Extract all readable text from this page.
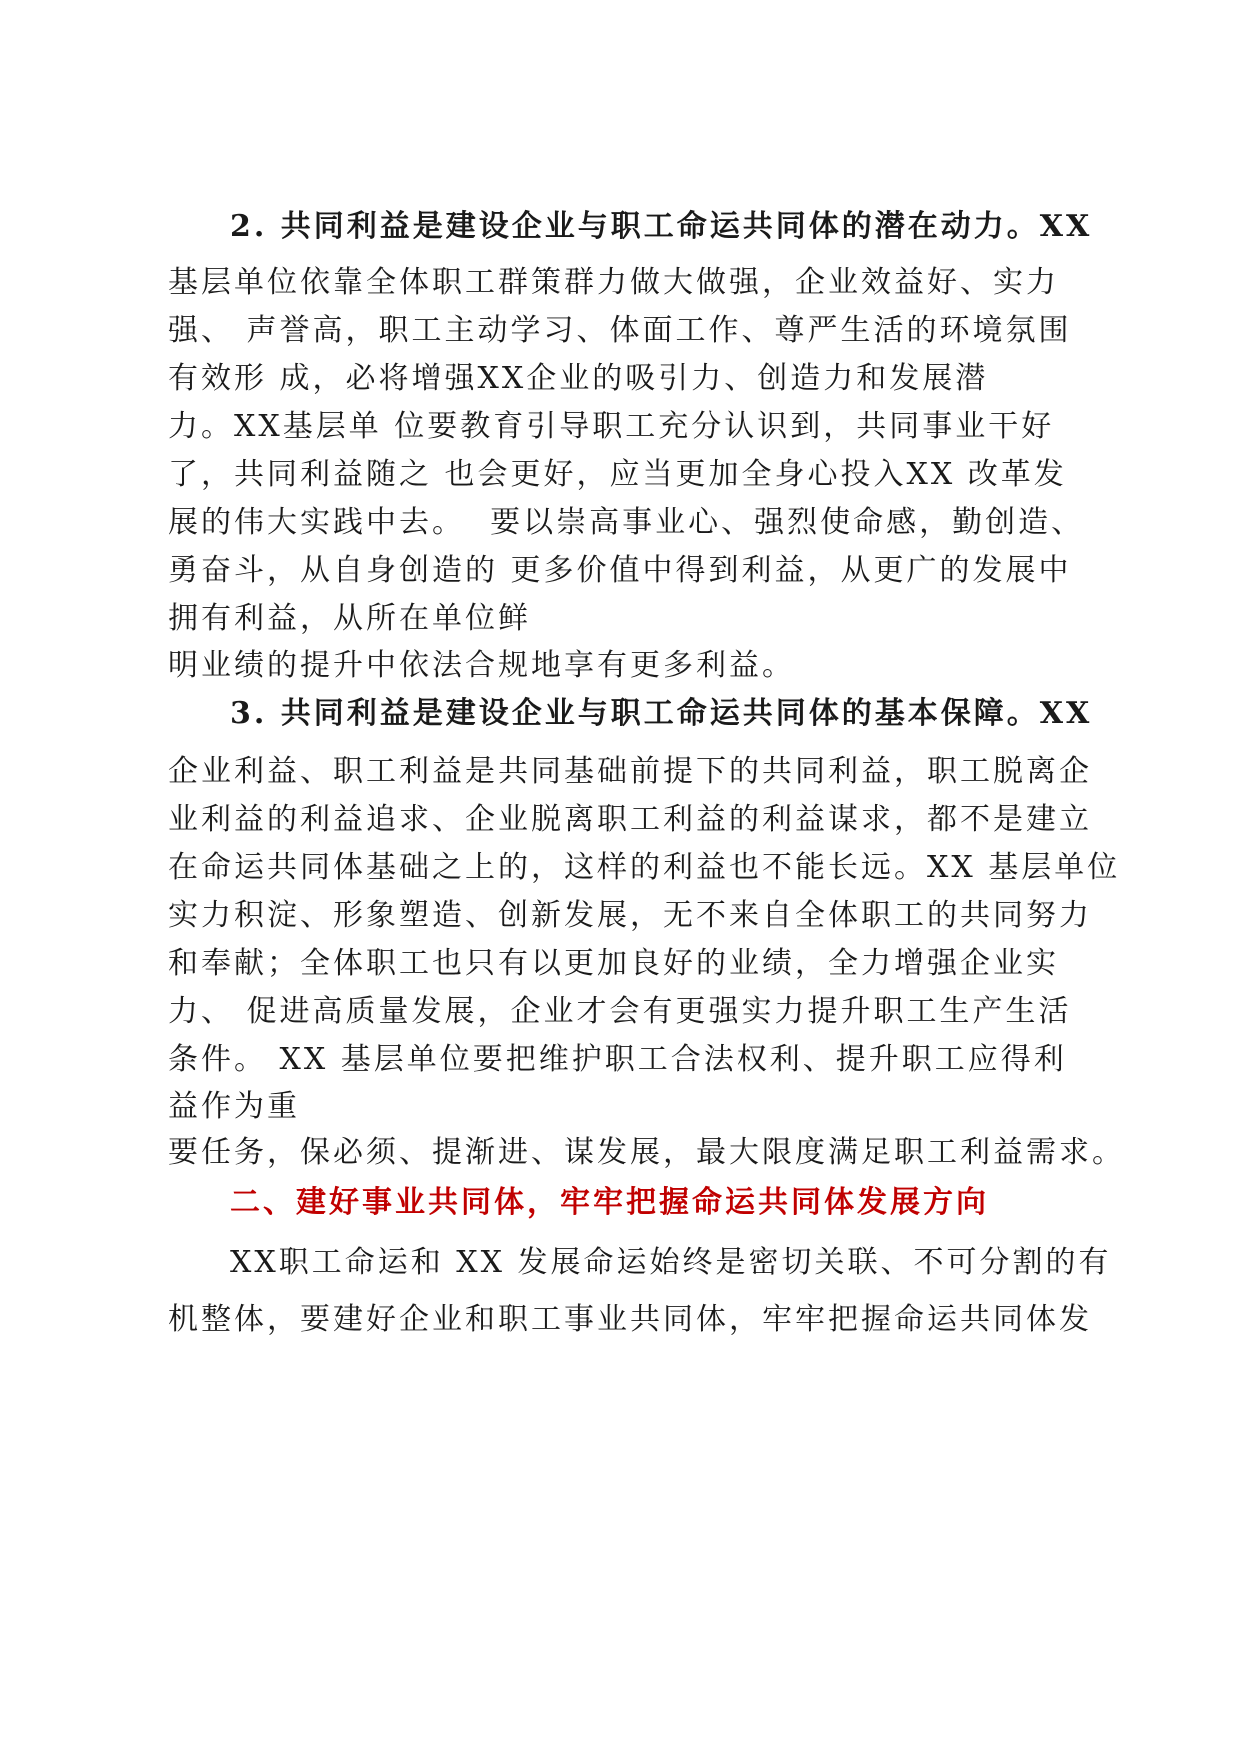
2. 共同利益是建设企业与职工命运共同体的潜在动力。XX
基层单位依靠全体职工群策群力做大做强，企业效益好、实力
强、 声誉高，职工主动学习、体面工作、尊严生活的环境氛围
有效形 成，必将增强XX企业的吸引力、创造力和发展潜
力。XX基层单 位要教育引导职工充分认识到，共同事业干好
了，共同利益随之 也会更好，应当更加全身心投入XX 改革发
展的伟大实践中去。  要以崇高事业心、强烈使命感，勤创造、
勇奋斗，从自身创造的 更多价值中得到利益，从更广的发展中
拥有利益，从所在单位鲜
明业绩的提升中依法合规地享有更多利益。
3. 共同利益是建设企业与职工命运共同体的基本保障。XX
企业利益、职工利益是共同基础前提下的共同利益，职工脱离企
业利益的利益追求、企业脱离职工利益的利益谋求，都不是建立
在命运共同体基础之上的，这样的利益也不能长远。XX 基层单位
实力积淀、形象塑造、创新发展，无不来自全体职工的共同努力
和奉献；全体职工也只有以更加良好的业绩，全力增强企业实
力、 促进高质量发展，企业才会有更强实力提升职工生产生活
条件。 XX 基层单位要把维护职工合法权利、提升职工应得利
益作为重
要任务，保必须、提渐进、谋发展，最大限度满足职工利益需求。
二、建好事业共同体，牢牢把握命运共同体发展方向
XX职工命运和 XX 发展命运始终是密切关联、不可分割的有
机整体，要建好企业和职工事业共同体，牢牢把握命运共同体发
